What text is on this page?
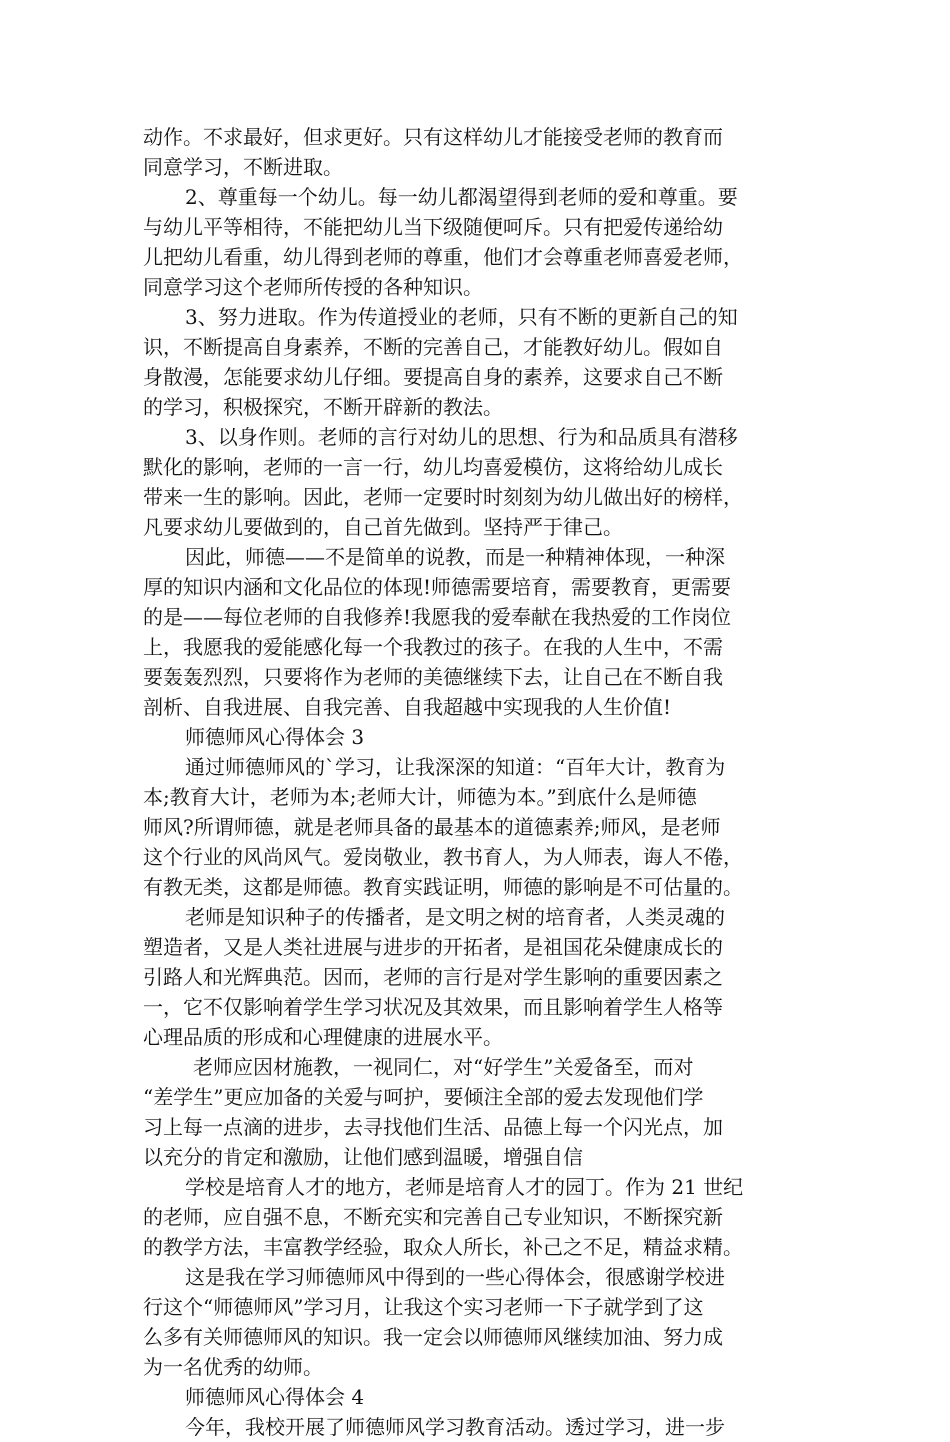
动作。不求最好，但求更好。只有这样幼儿才能接受老师的教育而
同意学习，不断进取。
2、尊重每一个幼儿。每一幼儿都渴望得到老师的爱和尊重。要
与幼儿平等相待，不能把幼儿当下级随便呵斥。只有把爱传递给幼
儿把幼儿看重，幼儿得到老师的尊重，他们才会尊重老师喜爱老师，
同意学习这个老师所传授的各种知识。
3、努力进取。作为传道授业的老师，只有不断的更新自己的知
识，不断提高自身素养，不断的完善自己，才能教好幼儿。假如自
身散漫，怎能要求幼儿仔细。要提高自身的素养，这要求自己不断
的学习，积极探究，不断开辟新的教法。
3、以身作则。老师的言行对幼儿的思想、行为和品质具有潜移
默化的影响，老师的一言一行，幼儿均喜爱模仿，这将给幼儿成长
带来一生的影响。因此，老师一定要时时刻刻为幼儿做出好的榜样，
凡要求幼儿要做到的，自己首先做到。坚持严于律己。
因此，师德——不是简单的说教，而是一种精神体现，一种深
厚的知识内涵和文化品位的体现!师德需要培育，需要教育，更需要
的是——每位老师的自我修养!我愿我的爱奉献在我热爱的工作岗位
上，我愿我的爱能感化每一个我教过的孩子。在我的人生中，不需
要轰轰烈烈，只要将作为老师的美德继续下去，让自己在不断自我
剖析、自我进展、自我完善、自我超越中实现我的人生价值!
师德师风心得体会 3
通过师德师风的`学习，让我深深的知道：“百年大计，教育为
本;教育大计，老师为本;老师大计，师德为本。”到底什么是师德
师风?所谓师德，就是老师具备的最基本的道德素养;师风，是老师
这个行业的风尚风气。爱岗敬业，教书育人，为人师表，诲人不倦，
有教无类，这都是师德。教育实践证明，师德的影响是不可估量的。
老师是知识种子的传播者，是文明之树的培育者，人类灵魂的
塑造者，又是人类社进展与进步的开拓者，是祖国花朵健康成长的
引路人和光辉典范。因而，老师的言行是对学生影响的重要因素之
一，它不仅影响着学生学习状况及其效果，而且影响着学生人格等
心理品质的形成和心理健康的进展水平。
老师应因材施教，一视同仁，对“好学生”关爱备至，而对
“差学生”更应加备的关爱与呵护，要倾注全部的爱去发现他们学
习上每一点滴的进步，去寻找他们生活、品德上每一个闪光点，加
以充分的肯定和激励，让他们感到温暖，增强自信
学校是培育人才的地方，老师是培育人才的园丁。作为 21 世纪
的老师，应自强不息，不断充实和完善自己专业知识，不断探究新
的教学方法，丰富教学经验，取众人所长，补己之不足，精益求精。
这是我在学习师德师风中得到的一些心得体会，很感谢学校进
行这个“师德师风”学习月，让我这个实习老师一下子就学到了这
么多有关师德师风的知识。我一定会以师德师风继续加油、努力成
为一名优秀的幼师。
师德师风心得体会 4
今年，我校开展了师德师风学习教育活动。透过学习，进一步
